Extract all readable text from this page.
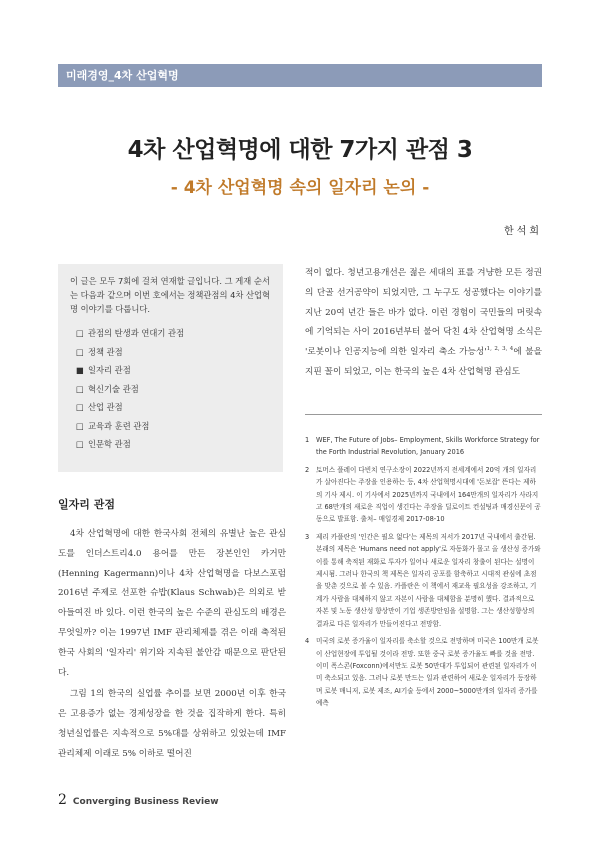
미래경영_4차 산업혁명
4차 산업혁명에 대한 7가지 관점 3
- 4차 산업혁명 속의 일자리 논의 -
한석희
이 글은 모두 7회에 걸쳐 연재할 글입니다. 그 게재 순서는 다음과 같으며 이번 호에서는 정책관점의 4차 산업혁명 이야기를 다룹니다.
□ 관점의 탄생과 연대기 관점
□ 정책 관점
■ 일자리 관점
□ 혁신기술 관점
□ 산업 관점
□ 교육과 훈련 관점
□ 인문학 관점
일자리 관점

4차 산업혁명에 대한 한국사회 전체의 유별난 높은 관심도를 인더스트리4.0 용어를 만든 장본인인 카거만(Henning Kagermann)이나 4차 산업혁명을 다보스포럼 2016년 주제로 선포한 슈밥(Klaus Schwab)은 의외로 받아들여진 바 있다. 이런 한국의 높은 수준의 관심도의 배경은 무엇일까? 이는 1997년 IMF 관리체제를 겪은 이래 축적된 한국 사회의 '일자리' 위기와 지속된 불안감 때문으로 판단된다.

그림 1의 한국의 실업률 추이를 보면 2000년 이후 한국은 고용증가 없는 경제성장을 한 것을 집작하게 한다. 특히 청년실업률은 지속적으로 5%대를 상위하고 있었는데 IMF 관리체제 이래로 5% 이하로 떨어진

적이 없다. 청년고용개선은 젊은 세대의 표를 겨냥한 모든 정권의 단골 선거공약이 되었지만, 그 누구도 성공했다는 이야기를 지난 20여 년간 들은 바가 없다. 이런 경험이 국민들의 머릿속에 기억되는 사이 2016년부터 불어 닥친 4차 산업혁명 소식은 '로봇이나 인공지능에 의한 일자리 축소 가능성'$^{1, 2, 3, 4}$에 불을 지핀 꼴이 되었고, 이는 한국의 높은 4차 산업혁명 관심도

1	WEF, The Future of Jobs– Employment, Skills Workforce Strategy for the Forth Industrial Revolution, January 2016
2	토머스 플레이 다빈치 연구소장이 2022년까지 전세계에서 20억 개의 일자리가 살아진다는 주장을 인용하는 등, 4차 산업혁명시대에 '돈보잡' 뜬다는 제하의 기사 제시. 이 기사에서 2025년까지 국내에서 164만개의 일자리가 사라지고 68만개의 새로운 직업이 생긴다는 주장을 딜로이트 컨설팅과 매경신문이 공동으로 발표함. 출처– 매일경제 2017-08-10
3	제리 카플란의 '인간은 필요 없다'는 제목의 저서가 2017년 국내에서 출간됨. 본래의 제목은 'Humans need not apply'로 자동화가 몰고 올 생산성 증가와 이를 통해 축적된 재화로 투자가 일어나 새로운 일자리 창출이 된다는 설명이 제시됨. 그러나 한국의 책 제목은 일자리 공포를 함축하고 시대적 관심에 초점을 맞춘 것으로 볼 수 있음. 카플란은 이 책에서 재교육 필요성을 강조하고, 기계가 사람을 대체하지 않고 자본이 사람을 대체함을 분명히 했다. 결과적으로 자본 및 노동 생산성 향상만이 기업 생존방안임을 설명함. 그는 생산성향상의 결과로 다른 일자리가 만들어진다고 전망함.
4	미국의 로봇 증가율이 일자리를 축소할 것으로 전망하며 미국은 100만개 로봇이 산업현장에 투입될 것이라 전망. 또한 중국 로봇 증가율도 빠를 것을 전망. 이미 폭스콘(Foxconn)에서만도 로봇 50만대가 투입되어 관련된 일자리가 이미 축소되고 있음. 그러나 로봇 만드는 일과 관련하여 새로운 일자리가 등장하며 로봇 매니저, 로봇 제조, AI기술 등에서 2000~5000만개의 일자리 증가를 예측
2 Converging Business Review
